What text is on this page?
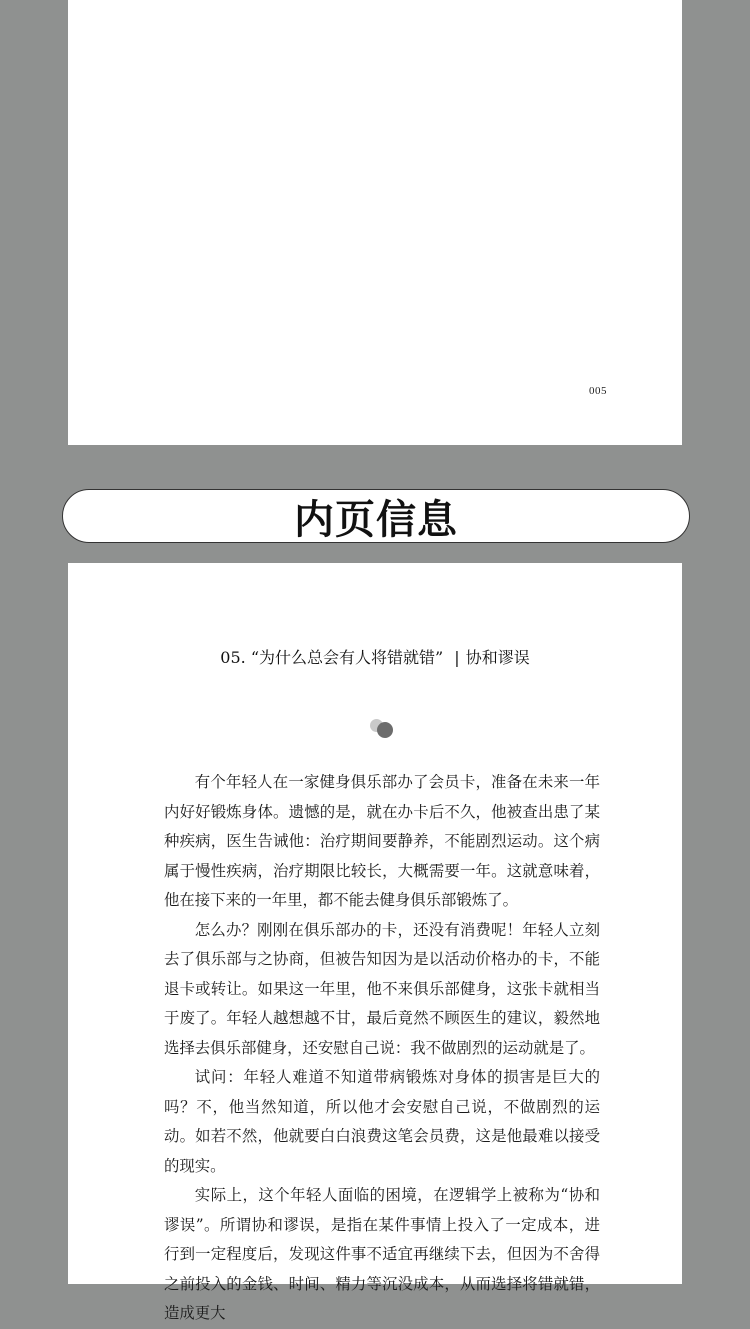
005
内页信息
05. “为什么总会有人将错就错” | 协和谬误

有个年轻人在一家健身俱乐部办了会员卡，准备在未来一年内好好锻炼身体。遗憾的是，就在办卡后不久，他被查出患了某种疾病，医生告诫他：治疗期间要静养，不能剧烈运动。这个病属于慢性疾病，治疗期限比较长，大概需要一年。这就意味着，他在接下来的一年里，都不能去健身俱乐部锻炼了。

怎么办？刚刚在俱乐部办的卡，还没有消费呢！年轻人立刻去了俱乐部与之协商，但被告知因为是以活动价格办的卡，不能退卡或转让。如果这一年里，他不来俱乐部健身，这张卡就相当于废了。年轻人越想越不甘，最后竟然不顾医生的建议，毅然地选择去俱乐部健身，还安慰自己说：我不做剧烈的运动就是了。

试问：年轻人难道不知道带病锻炼对身体的损害是巨大的吗？不，他当然知道，所以他才会安慰自己说，不做剧烈的运动。如若不然，他就要白白浪费这笔会员费，这是他最难以接受的现实。

实际上，这个年轻人面临的困境，在逻辑学上被称为“协和谬误”。所谓协和谬误，是指在某件事情上投入了一定成本，进行到一定程度后，发现这件事不适宜再继续下去，但因为不舍得之前投入的金钱、时间、精力等沉没成本，从而选择将错就错，造成更大
